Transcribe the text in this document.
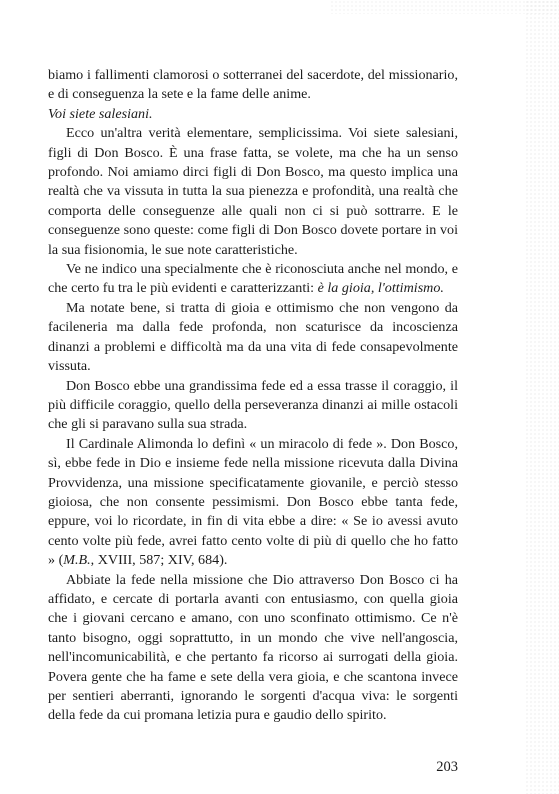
biamo i fallimenti clamorosi o sotterranei del sacerdote, del missionario, e di conseguenza la sete e la fame delle anime.

Voi siete salesiani.

Ecco un'altra verità elementare, semplicissima. Voi siete salesiani, figli di Don Bosco. È una frase fatta, se volete, ma che ha un senso profondo. Noi amiamo dirci figli di Don Bosco, ma questo implica una realtà che va vissuta in tutta la sua pienezza e profondità, una realtà che comporta delle conseguenze alle quali non ci si può sottrarre. E le conseguenze sono queste: come figli di Don Bosco dovete portare in voi la sua fisionomia, le sue note caratteristiche.

Ve ne indico una specialmente che è riconosciuta anche nel mondo, e che certo fu tra le più evidenti e caratterizzanti: è la gioia, l'ottimismo.

Ma notate bene, si tratta di gioia e ottimismo che non vengono da facileneria ma dalla fede profonda, non scaturisce da incoscienza dinanzi a problemi e difficoltà ma da una vita di fede consapevolmente vissuta.

Don Bosco ebbe una grandissima fede ed a essa trasse il coraggio, il più difficile coraggio, quello della perseveranza dinanzi ai mille ostacoli che gli si paravano sulla sua strada.

Il Cardinale Alimonda lo definì « un miracolo di fede ». Don Bosco, sì, ebbe fede in Dio e insieme fede nella missione ricevuta dalla Divina Provvidenza, una missione specificatamente giovanile, e perciò stesso gioiosa, che non consente pessimismi. Don Bosco ebbe tanta fede, eppure, voi lo ricordate, in fin di vita ebbe a dire: « Se io avessi avuto cento volte più fede, avrei fatto cento volte di più di quello che ho fatto » (M.B., XVIII, 587; XIV, 684).

Abbiate la fede nella missione che Dio attraverso Don Bosco ci ha affidato, e cercate di portarla avanti con entusiasmo, con quella gioia che i giovani cercano e amano, con uno sconfinato ottimismo. Ce n'è tanto bisogno, oggi soprattutto, in un mondo che vive nell'angoscia, nell'incomunicabilità, e che pertanto fa ricorso ai surrogati della gioia. Povera gente che ha fame e sete della vera gioia, e che scantona invece per sentieri aberranti, ignorando le sorgenti d'acqua viva: le sorgenti della fede da cui promana letizia pura e gaudio dello spirito.

203
